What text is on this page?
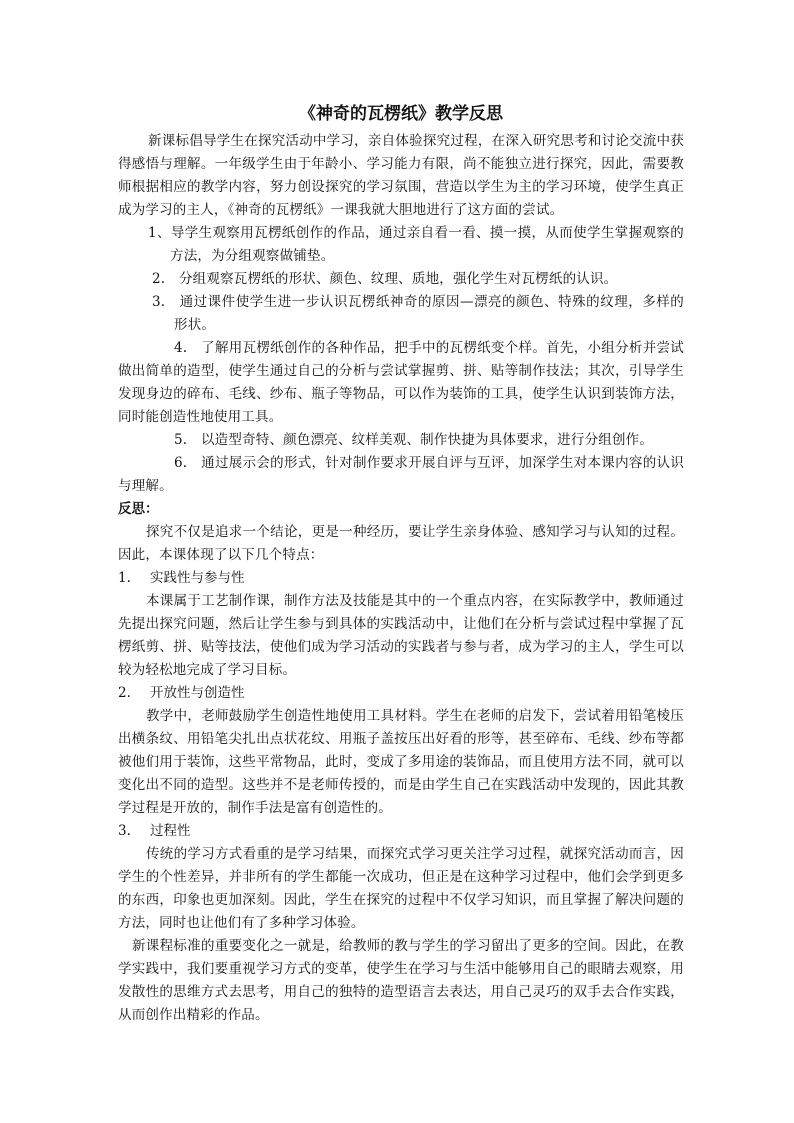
《神奇的瓦楞纸》教学反思

新课标倡导学生在探究活动中学习，亲自体验探究过程，在深入研究思考和讨论交流中获得感悟与理解。一年级学生由于年龄小、学习能力有限，尚不能独立进行探究，因此，需要教师根据相应的教学内容，努力创设探究的学习氛围，营造以学生为主的学习环境，使学生真正成为学习的主人，《神奇的瓦楞纸》一课我就大胆地进行了这方面的尝试。

1、导学生观察用瓦楞纸创作的作品，通过亲自看一看、摸一摸，从而使学生掌握观察的方法，为分组观察做铺垫。

2.　分组观察瓦楞纸的形状、颜色、纹理、质地，强化学生对瓦楞纸的认识。

3.　通过课件使学生进一步认识瓦楞纸神奇的原因—漂亮的颜色、特殊的纹理，多样的形状。

4.　了解用瓦楞纸创作的各种作品，把手中的瓦楞纸变个样。首先，小组分析并尝试做出简单的造型，使学生通过自己的分析与尝试掌握剪、拼、贴等制作技法；其次，引导学生发现身边的碎布、毛线、纱布、瓶子等物品，可以作为装饰的工具，使学生认识到装饰方法，同时能创造性地使用工具。

5.　以造型奇特、颜色漂亮、纹样美观、制作快捷为具体要求，进行分组创作。

6.　通过展示会的形式，针对制作要求开展自评与互评，加深学生对本课内容的认识与理解。

反思：

探究不仅是追求一个结论，更是一种经历，要让学生亲身体验、感知学习与认知的过程。因此，本课体现了以下几个特点：

1. 实践性与参与性

本课属于工艺制作课，制作方法及技能是其中的一个重点内容，在实际教学中，教师通过先提出探究问题，然后让学生参与到具体的实践活动中，让他们在分析与尝试过程中掌握了瓦楞纸剪、拼、贴等技法，使他们成为学习活动的实践者与参与者，成为学习的主人，学生可以较为轻松地完成了学习目标。

2. 开放性与创造性

教学中，老师鼓励学生创造性地使用工具材料。学生在老师的启发下，尝试着用铅笔棱压出横条纹、用铅笔尖扎出点状花纹、用瓶子盖按压出好看的形等，甚至碎布、毛线、纱布等都被他们用于装饰，这些平常物品，此时，变成了多用途的装饰品，而且使用方法不同，就可以变化出不同的造型。这些并不是老师传授的，而是由学生自己在实践活动中发现的，因此其教学过程是开放的，制作手法是富有创造性的。

3. 过程性

传统的学习方式看重的是学习结果，而探究式学习更关注学习过程，就探究活动而言，因学生的个性差异，并非所有的学生都能一次成功，但正是在这种学习过程中，他们会学到更多的东西，印象也更加深刻。因此，学生在探究的过程中不仅学习知识，而且掌握了解决问题的方法，同时也让他们有了多种学习体验。

新课程标准的重要变化之一就是，给教师的教与学生的学习留出了更多的空间。因此，在教学实践中，我们要重视学习方式的变革，使学生在学习与生活中能够用自己的眼睛去观察，用发散性的思维方式去思考，用自己的独特的造型语言去表达，用自己灵巧的双手去合作实践，从而创作出精彩的作品。
